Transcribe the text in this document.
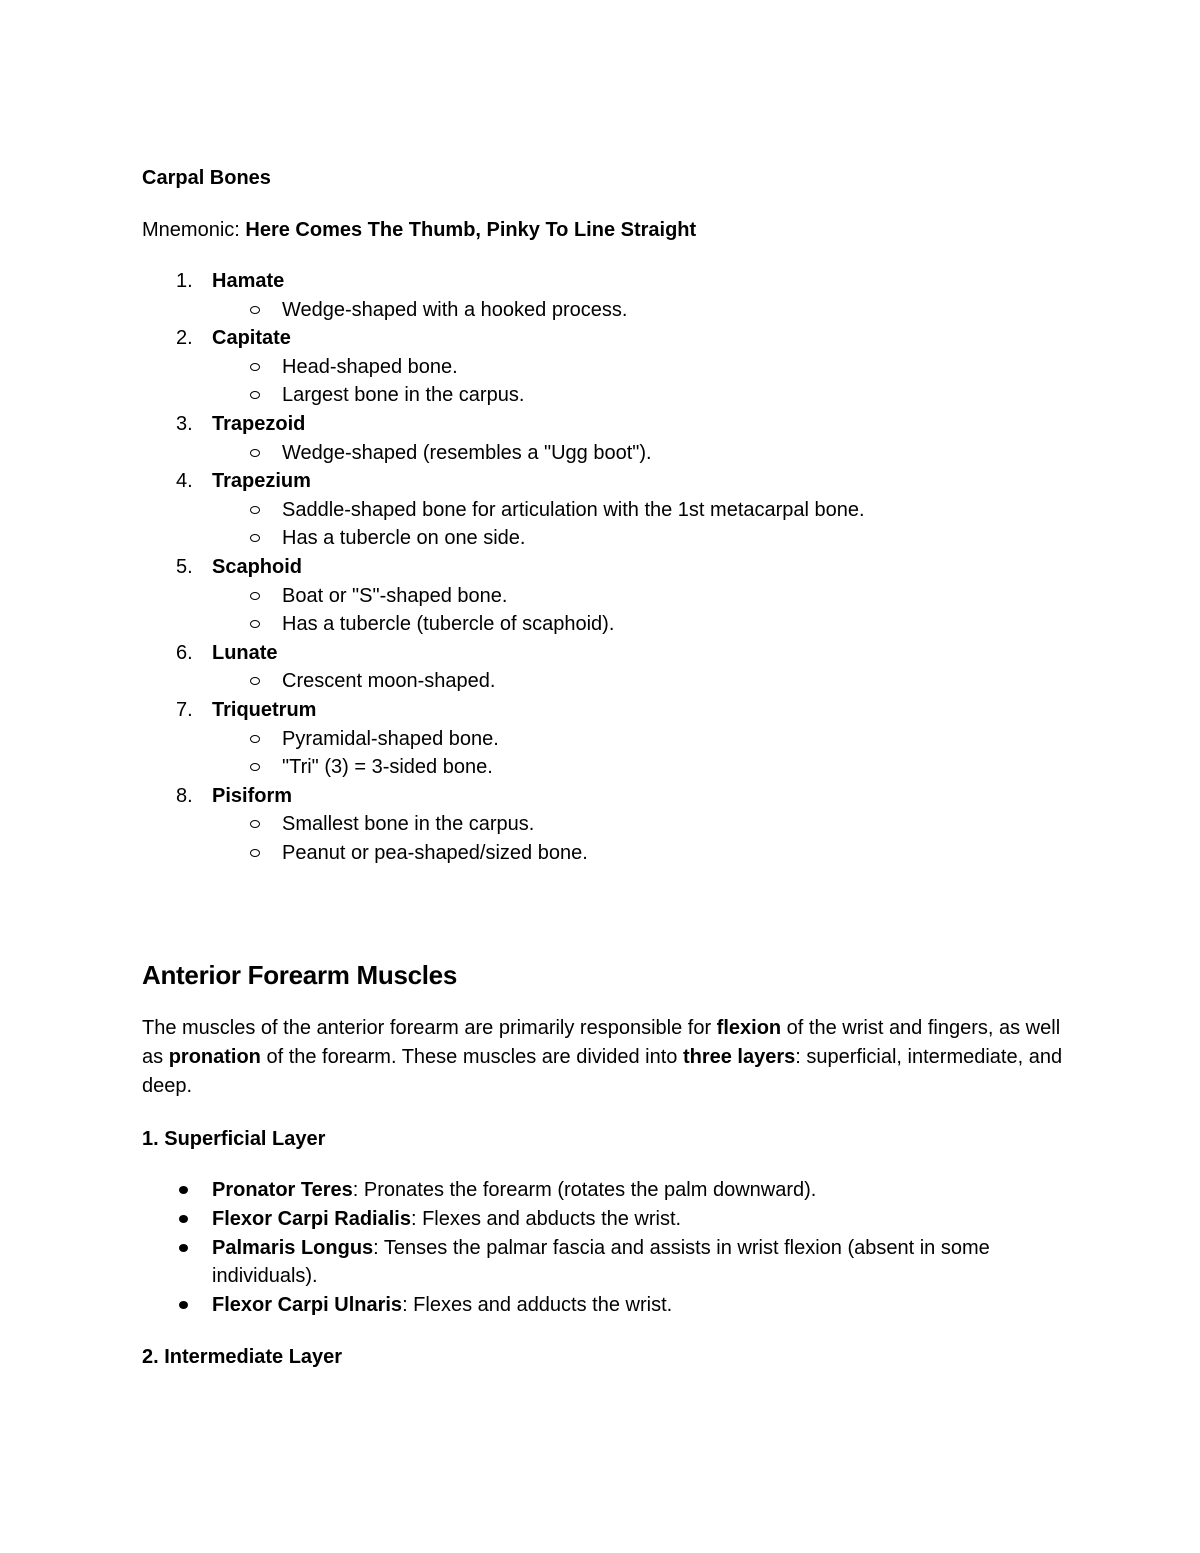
Carpal Bones
Mnemonic: Here Comes The Thumb, Pinky To Line Straight
1. Hamate
Wedge-shaped with a hooked process.
2. Capitate
Head-shaped bone.
Largest bone in the carpus.
3. Trapezoid
Wedge-shaped (resembles a "Ugg boot").
4. Trapezium
Saddle-shaped bone for articulation with the 1st metacarpal bone.
Has a tubercle on one side.
5. Scaphoid
Boat or "S"-shaped bone.
Has a tubercle (tubercle of scaphoid).
6. Lunate
Crescent moon-shaped.
7. Triquetrum
Pyramidal-shaped bone.
"Tri" (3) = 3-sided bone.
8. Pisiform
Smallest bone in the carpus.
Peanut or pea-shaped/sized bone.
Anterior Forearm Muscles
The muscles of the anterior forearm are primarily responsible for flexion of the wrist and fingers, as well as pronation of the forearm. These muscles are divided into three layers: superficial, intermediate, and deep.
1. Superficial Layer
Pronator Teres: Pronates the forearm (rotates the palm downward).
Flexor Carpi Radialis: Flexes and abducts the wrist.
Palmaris Longus: Tenses the palmar fascia and assists in wrist flexion (absent in some individuals).
Flexor Carpi Ulnaris: Flexes and adducts the wrist.
2. Intermediate Layer
